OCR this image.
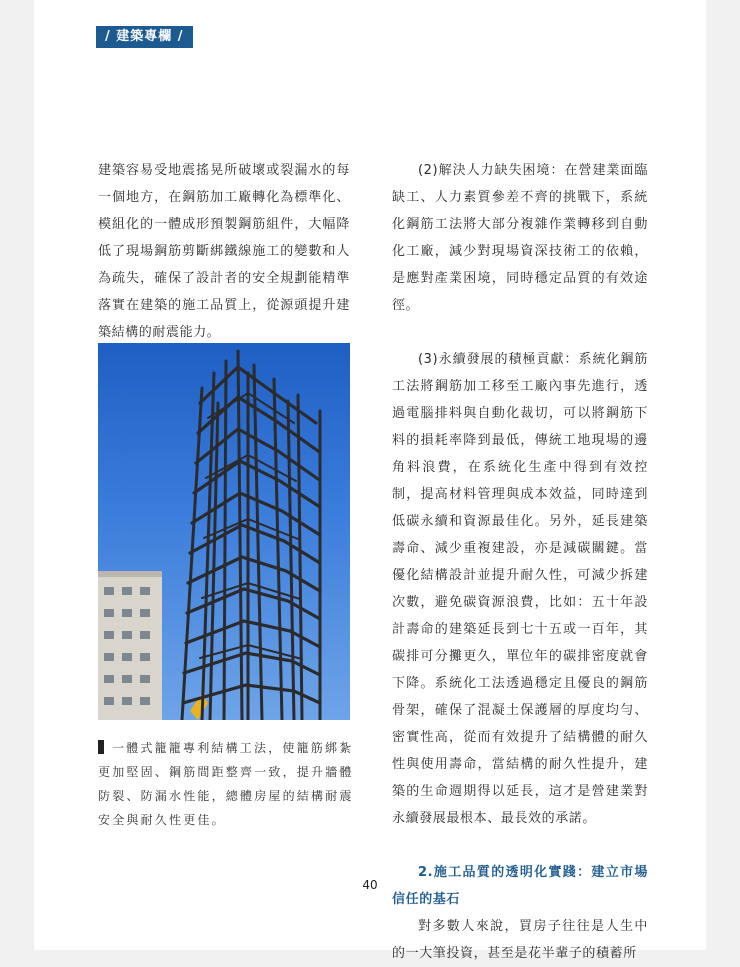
/ 建築專欄 /

建築容易受地震搖晃所破壞或裂漏水的每一個地方，在鋼筋加工廠轉化為標準化、模組化的一體成形預製鋼筋組件，大幅降低了現場鋼筋剪斷綁鐵線施工的變數和人為疏失，確保了設計者的安全規劃能精準落實在建築的施工品質上，從源頭提升建築結構的耐震能力。

一體式籠籠專利結構工法，使籠筋綁紮更加堅固、鋼筋間距整齊一致，提升牆體防裂、防漏水性能，總體房屋的結構耐震安全與耐久性更佳。

(2)解決人力缺失困境：在營建業面臨缺工、人力素質參差不齊的挑戰下，系統化鋼筋工法將大部分複雜作業轉移到自動化工廠，減少對現場資深技術工的依賴，是應對產業困境，同時穩定品質的有效途徑。

(3)永續發展的積極貢獻：系統化鋼筋工法將鋼筋加工移至工廠內事先進行，透過電腦排料與自動化裁切，可以將鋼筋下料的損耗率降到最低，傳統工地現場的邊角料浪費，在系統化生產中得到有效控制，提高材料管理與成本效益，同時達到低碳永續和資源最佳化。另外，延長建築壽命、減少重複建設，亦是減碳關鍵。當優化結構設計並提升耐久性，可減少拆建次數，避免碳資源浪費，比如：五十年設計壽命的建築延長到七十五或一百年，其碳排可分攤更久，單位年的碳排密度就會下降。系統化工法透過穩定且優良的鋼筋骨架，確保了混凝土保護層的厚度均勻、密實性高，從而有效提升了結構體的耐久性與使用壽命，當結構的耐久性提升，建築的生命週期得以延長，這才是營建業對永續發展最根本、最長效的承諾。

2.施工品質的透明化實踐：建立市場信任的基石

對多數人來說，買房子往往是人生中的一大筆投資，甚至是花半輩子的積蓄所

40
